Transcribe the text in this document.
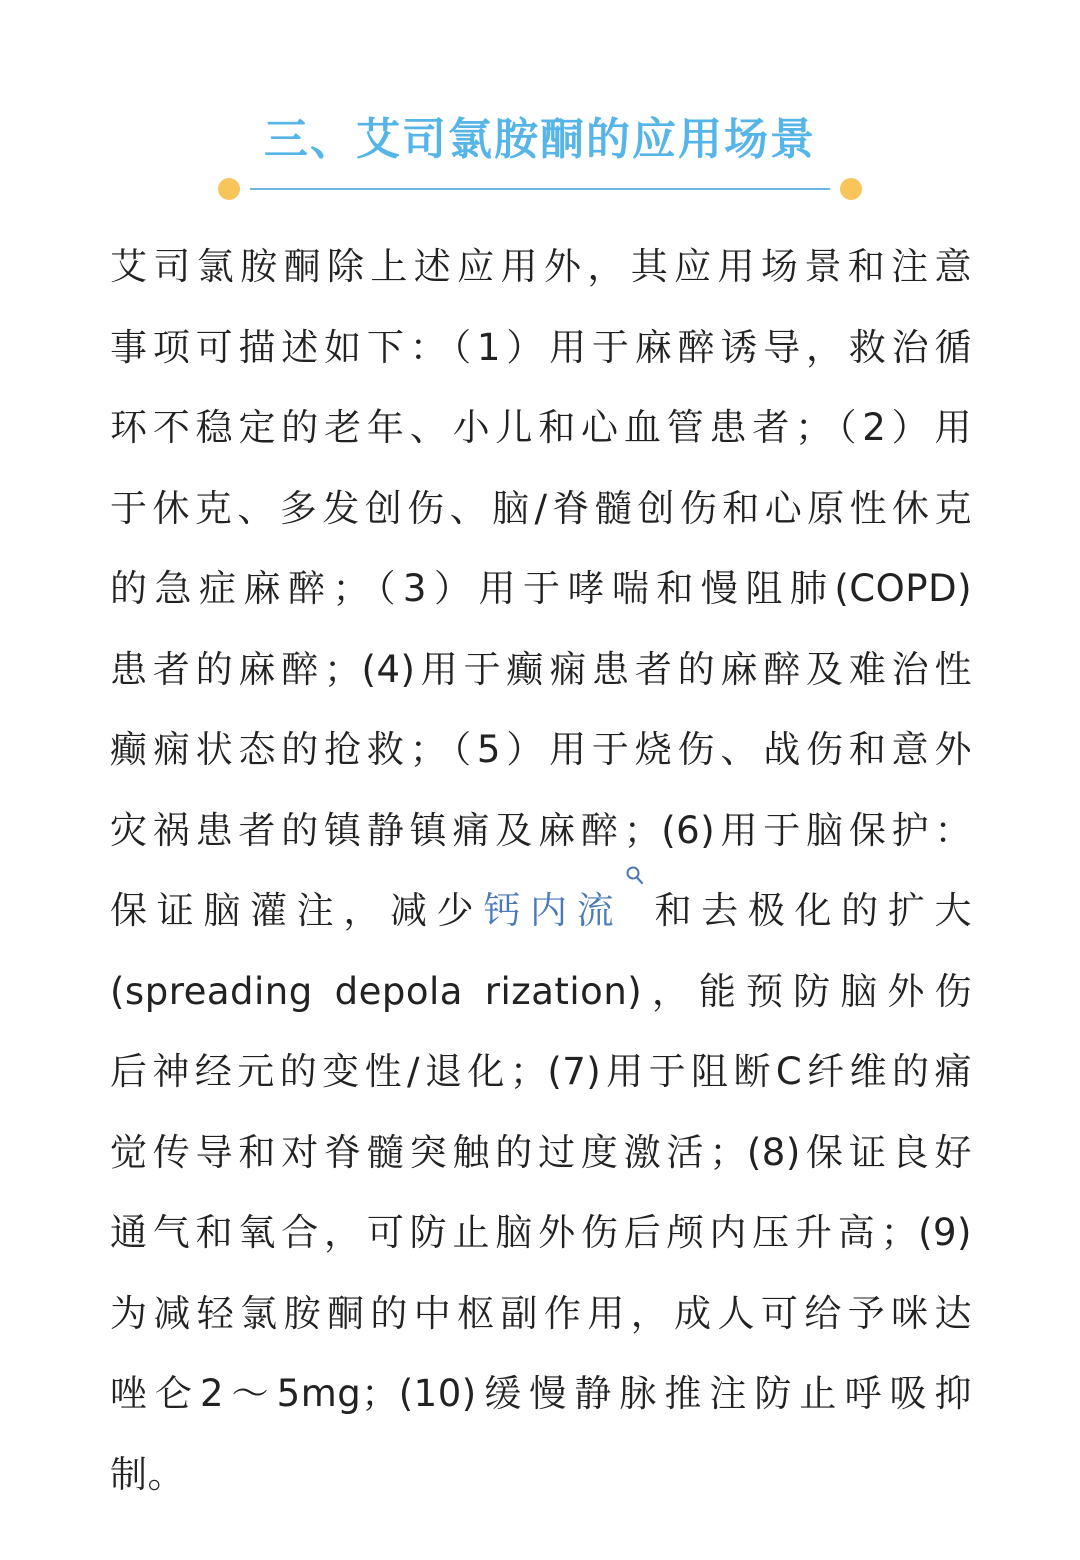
三、艾司氯胺酮的应用场景
艾司氯胺酮除上述应用外，其应用场景和注意
事项可描述如下：（1）用于麻醉诱导，救治循
环不稳定的老年、小儿和心血管患者；（2）用
于休克、多发创伤、脑/脊髓创伤和心原性休克
的急症麻醉；（3）用于哮喘和慢阻肺(COPD)
患者的麻醉；(4)用于癫痫患者的麻醉及难治性
癫痫状态的抢救；（5）用于烧伤、战伤和意外
灾祸患者的镇静镇痛及麻醉；(6)用于脑保护：
保证脑灌注，减少钙内流 和去极化的扩大
(spreading depola rization)，能预防脑外伤
后神经元的变性/退化；(7)用于阻断C纤维的痛
觉传导和对脊髓突触的过度激活；(8)保证良好
通气和氧合，可防止脑外伤后颅内压升高；(9)
为减轻氯胺酮的中枢副作用，成人可给予咪达
唑仑2～5mg；(10)缓慢静脉推注防止呼吸抑
制。
